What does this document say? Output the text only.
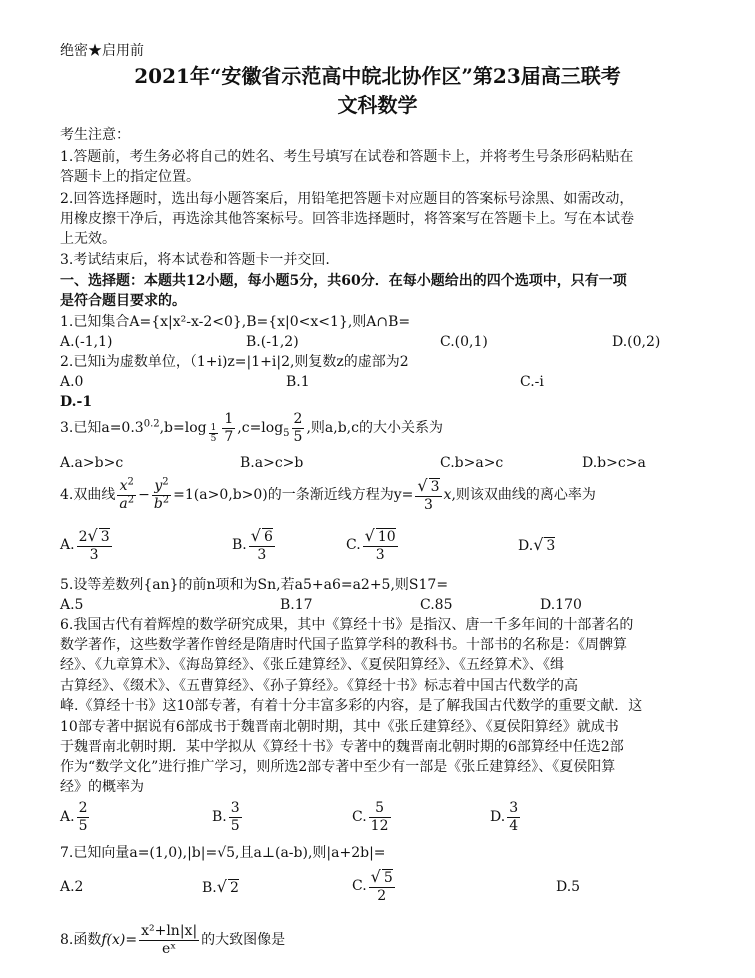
绝密★启用前
2021年“安徽省示范高中皖北协作区”第23届高三联考
文科数学
考生注意：
1.答题前，考生务必将自己的姓名、考生号填写在试卷和答题卡上，并将考生号条形码粘贴在
答题卡上的指定位置。
2.回答选择题时，选出每小题答案后，用铅笔把答题卡对应题目的答案标号涂黑、如需改动，
用橡皮擦干净后，再选涂其他答案标号。回答非选择题时，将答案写在答题卡上。写在本试卷
上无效。
3.考试结束后，将本试卷和答题卡一并交回.
一、选择题：本题共12小题，每小题5分，共60分．在每小题给出的四个选项中，只有一项
是符合题目要求的。
1.已知集合A={x|x²-x-2<0},B={x|0<x<1},则A∩B=
A.(-1,1)	B.(-1,2)	C.(0,1)	D.(0,2)
2.已知i为虚数单位，（1+i)z=|1+i|2,则复数z的虚部为2
A.0	B.1	C.-i
D.-1
3.已知$a=0.3^{0.2},b=\log$ $_{\frac{1}{5}} \frac{1}{7} ,c=\log_5 \frac{2}{5}$ ,则a,b,c的大小关系为
A.a>b>c	B.a>c>b	C.b>a>c	D.b>c>a
4.双曲线 $\frac{x^2}{a^2} - \frac{y^2}{b^2} =1(a>0,b>0)$的一条渐近线方程为$y= \frac{√ 3}{3} x$,则该双曲线的离心率为
A. $\frac{2√ 3}{3}$	B. $\frac{√ 6}{3}$	C. $\frac{√ 10}{3}$	D.√ 3
5.设等差数列{an}的前n项和为Sn,若a5+a6=a2+5,则S17=
A.5	B.17	C.85	D.170
6.我国古代有着辉煌的数学研究成果，其中《算经十书》是指汉、唐一千多年间的十部著名的
数学著作，这些数学著作曾经是隋唐时代国子监算学科的教科书。十部书的名称是：《周髀算
经》、《九章算术》、《海岛算经》、《张丘建算经》、《夏侯阳算经》、《五经算术》、《缉
古算经》、《缀术》、《五曹算经》、《孙子算经》。《算经十书》标志着中国古代数学的高
峰.《算经十书》这10部专著，有着十分丰富多彩的内容，是了解我国古代数学的重要文献．这
10部专著中据说有6部成书于魏晋南北朝时期，其中《张丘建算经》、《夏侯阳算经》就成书
于魏晋南北朝时期．某中学拟从《算经十书》专著中的魏晋南北朝时期的6部算经中任选2部
作为“数学文化”进行推广学习，则所选2部专著中至少有一部是《张丘建算经》、《夏侯阳算
经》的概率为
A. $\frac{2}{5}$	B. $\frac{3}{5}$	C. $\frac{5}{12}$	D. $\frac{3}{4}$
7.已知向量a=(1,0),|b|=√5,且a⊥(a-b),则|a+2b|=
A.2	B.√ 2	C. $\frac{√ 5}{2}$	D.5
8.函数$f(x)= \frac{\text{x²+ln|x|}}{\text{eˣ}}$ 的大致图像是
